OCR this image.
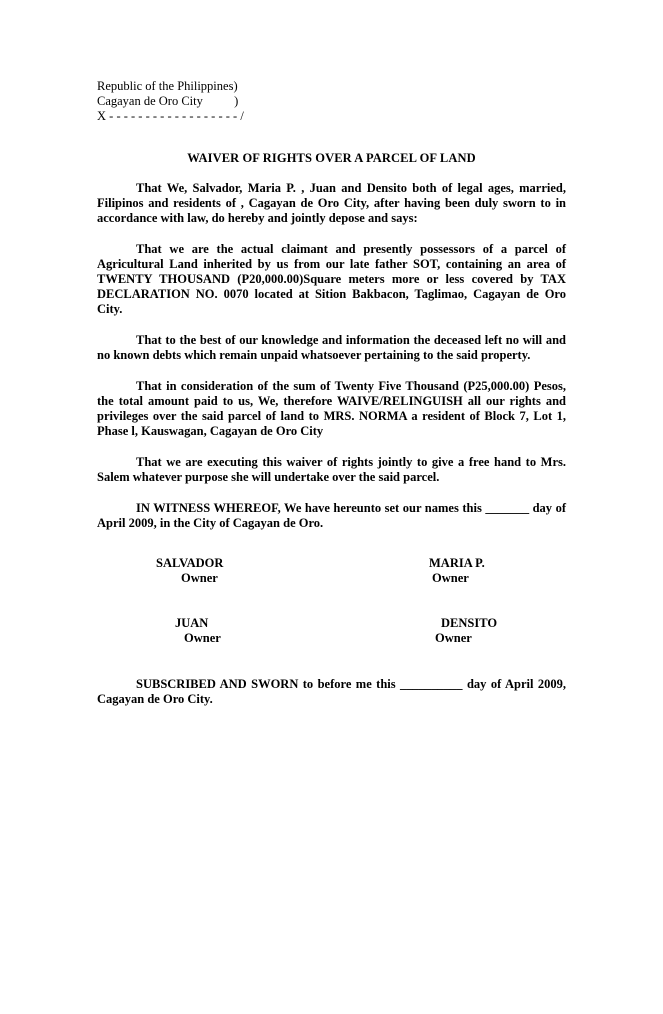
Republic of the Philippines)
Cagayan de Oro City          )
X - - - - - - - - - - - - - - - - - - /
WAIVER OF RIGHTS OVER A PARCEL OF LAND

That We, Salvador, Maria P. , Juan and Densito both of legal ages, married, Filipinos and residents of , Cagayan de Oro City, after having been duly sworn to in accordance with law, do hereby and jointly depose and says:

That we are the actual claimant and presently possessors of a parcel of Agricultural Land inherited by us from our late father SOT, containing an area of TWENTY THOUSAND (P20,000.00)Square meters more or less covered by TAX DECLARATION NO. 0070 located at Sition Bakbacon, Taglimao, Cagayan de Oro City.

That to the best of our knowledge and information the deceased left no will and no known debts which remain unpaid whatsoever pertaining to the said property.

That in consideration of the sum of Twenty Five Thousand (P25,000.00) Pesos, the total amount paid to us, We, therefore WAIVE/RELINGUISH all our rights and privileges over the said parcel of land to MRS. NORMA a resident of Block 7, Lot 1, Phase l, Kauswagan, Cagayan de Oro City

That we are executing this waiver of rights jointly to give a free hand to Mrs. Salem whatever purpose she will undertake over the said parcel.

IN WITNESS WHEREOF, We have hereunto set our names this _______ day of April 2009, in the City of Cagayan de Oro.

SALVADOR
Owner
MARIA P.
Owner
JUAN
Owner
DENSITO
Owner

SUBSCRIBED AND SWORN to before me this __________ day of April 2009, Cagayan de Oro City.
